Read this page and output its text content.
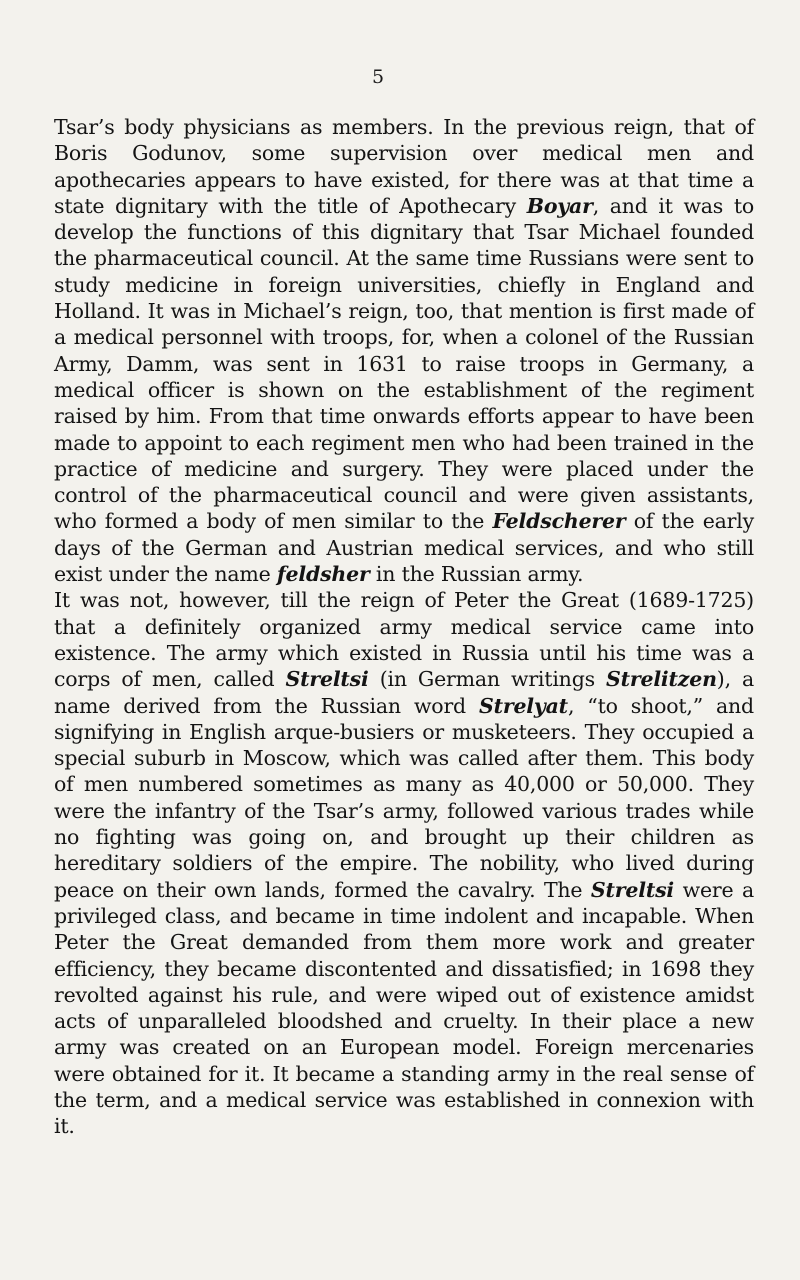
5

Tsar’s body physicians as members. In the previous reign, that of Boris Godunov, some supervision over medical men and apothecaries appears to have existed, for there was at that time a state dignitary with the title of Apothecary Boyar, and it was to develop the functions of this dignitary that Tsar Michael founded the pharmaceutical council. At the same time Russians were sent to study medicine in foreign universities, chiefly in England and Holland. It was in Michael’s reign, too, that mention is first made of a medical personnel with troops, for, when a colonel of the Russian Army, Damm, was sent in 1631 to raise troops in Germany, a medical officer is shown on the establishment of the regiment raised by him. From that time onwards efforts appear to have been made to appoint to each regiment men who had been trained in the practice of medicine and surgery. They were placed under the control of the pharmaceutical council and were given assistants, who formed a body of men similar to the Feldscherer of the early days of the German and Austrian medical services, and who still exist under the name feldsher in the Russian army.

It was not, however, till the reign of Peter the Great (1689-1725) that a definitely organized army medical service came into existence. The army which existed in Russia until his time was a corps of men, called Streltsi (in German writings Strelitzen), a name derived from the Russian word Strelyat, “to shoot,” and signifying in English arque-busiers or musketeers. They occupied a special suburb in Moscow, which was called after them. This body of men numbered sometimes as many as 40,000 or 50,000. They were the infantry of the Tsar’s army, followed various trades while no fighting was going on, and brought up their children as hereditary soldiers of the empire. The nobility, who lived during peace on their own lands, formed the cavalry. The Streltsi were a privileged class, and became in time indolent and incapable. When Peter the Great demanded from them more work and greater efficiency, they became discontented and dissatisfied; in 1698 they revolted against his rule, and were wiped out of existence amidst acts of unparalleled bloodshed and cruelty. In their place a new army was created on an European model. Foreign mercenaries were obtained for it. It became a standing army in the real sense of the term, and a medical service was established in connexion with it.
